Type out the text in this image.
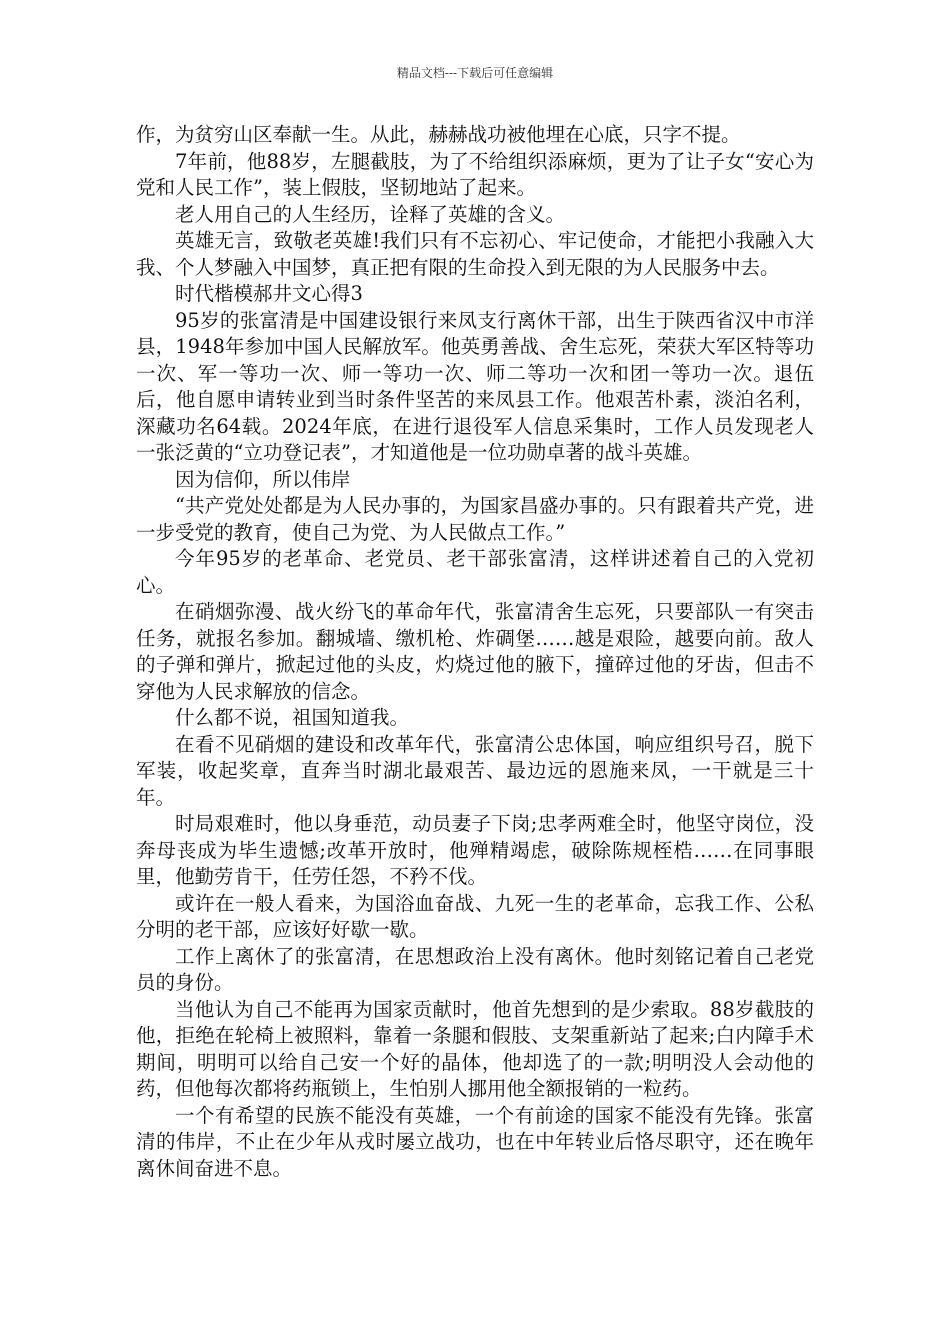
精品文档---下载后可任意编辑

作，为贫穷山区奉献一生。从此，赫赫战功被他埋在心底，只字不提。

7年前，他88岁，左腿截肢，为了不给组织添麻烦，更为了让子女“安心为党和人民工作”，装上假肢，坚韧地站了起来。

老人用自己的人生经历，诠释了英雄的含义。

英雄无言，致敬老英雄!我们只有不忘初心、牢记使命，才能把小我融入大我、个人梦融入中国梦，真正把有限的生命投入到无限的为人民服务中去。

时代楷模郝井文心得3

95岁的张富清是中国建设银行来凤支行离休干部，出生于陕西省汉中市洋县，1948年参加中国人民解放军。他英勇善战、舍生忘死，荣获大军区特等功一次、军一等功一次、师一等功一次、师二等功一次和团一等功一次。退伍后，他自愿申请转业到当时条件坚苦的来凤县工作。他艰苦朴素，淡泊名利，深藏功名64载。2024年底，在进行退役军人信息采集时，工作人员发现老人一张泛黄的“立功登记表”，才知道他是一位功勋卓著的战斗英雄。

因为信仰，所以伟岸

“共产党处处都是为人民办事的，为国家昌盛办事的。只有跟着共产党，进一步受党的教育，使自己为党、为人民做点工作。”

今年95岁的老革命、老党员、老干部张富清，这样讲述着自己的入党初心。

在硝烟弥漫、战火纷飞的革命年代，张富清舍生忘死，只要部队一有突击任务，就报名参加。翻城墙、缴机枪、炸碉堡……越是艰险，越要向前。敌人的子弹和弹片，掀起过他的头皮，灼烧过他的腋下，撞碎过他的牙齿，但击不穿他为人民求解放的信念。

什么都不说，祖国知道我。

在看不见硝烟的建设和改革年代，张富清公忠体国，响应组织号召，脱下军装，收起奖章，直奔当时湖北最艰苦、最边远的恩施来凤，一干就是三十年。

时局艰难时，他以身垂范，动员妻子下岗;忠孝两难全时，他坚守岗位，没奔母丧成为毕生遗憾;改革开放时，他殚精竭虑，破除陈规桎梏……在同事眼里，他勤劳肯干，任劳任怨，不矜不伐。

或许在一般人看来，为国浴血奋战、九死一生的老革命，忘我工作、公私分明的老干部，应该好好歇一歇。

工作上离休了的张富清，在思想政治上没有离休。他时刻铭记着自己老党员的身份。

当他认为自己不能再为国家贡献时，他首先想到的是少索取。88岁截肢的他，拒绝在轮椅上被照料，靠着一条腿和假肢、支架重新站了起来;白内障手术期间，明明可以给自己安一个好的晶体，他却选了的一款;明明没人会动他的药，但他每次都将药瓶锁上，生怕别人挪用他全额报销的一粒药。

一个有希望的民族不能没有英雄，一个有前途的国家不能没有先锋。张富清的伟岸，不止在少年从戎时屡立战功，也在中年转业后恪尽职守，还在晚年离休间奋进不息。
